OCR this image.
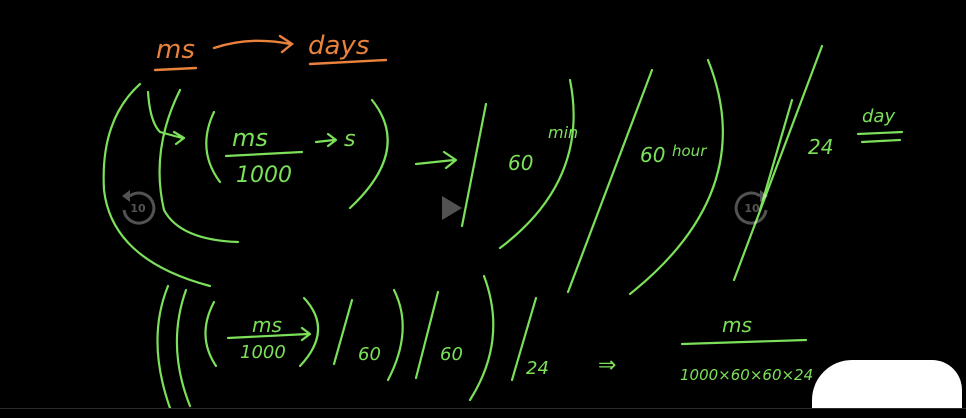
ms	days
ms
1000
s
60
min
60 hour	24
day
ms
1000	60	60
24 ⇒
ms
1000×60×60×24
10	10
